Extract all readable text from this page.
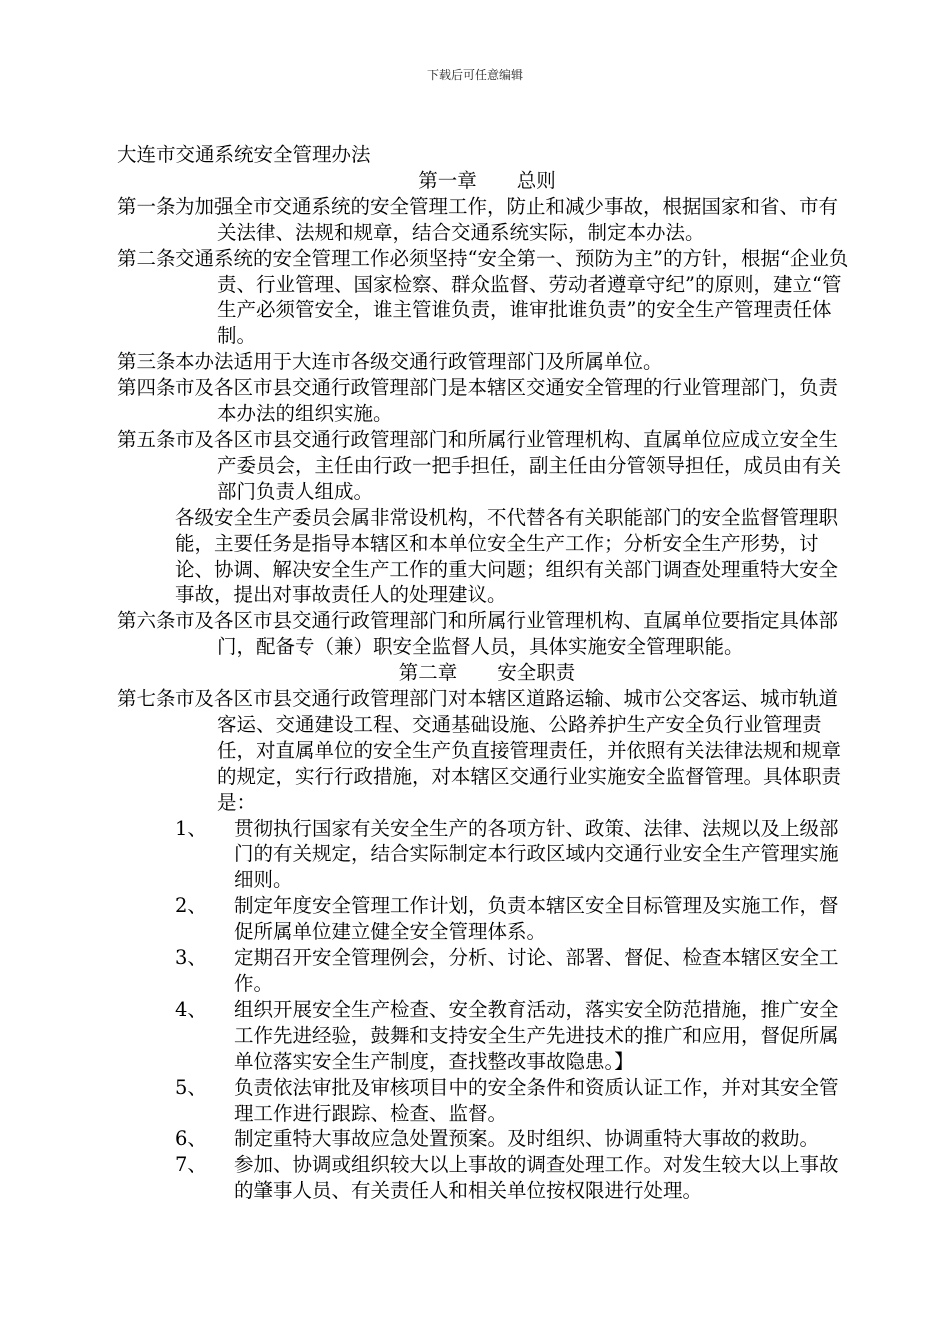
下载后可任意编辑
大连市交通系统安全管理办法
第一章 总则
第一条 为加强全市交通系统的安全管理工作，防止和减少事故，根据国家和省、市有关法律、法规和规章，结合交通系统实际，制定本办法。
第二条 交通系统的安全管理工作必须坚持“安全第一、预防为主”的方针，根据“企业负责、行业管理、国家检察、群众监督、劳动者遵章守纪”的原则，建立“管生产必须管安全，谁主管谁负责，谁审批谁负责”的安全生产管理责任体制。
第三条 本办法适用于大连市各级交通行政管理部门及所属单位。
第四条 市及各区市县交通行政管理部门是本辖区交通安全管理的行业管理部门，负责本办法的组织实施。
第五条 市及各区市县交通行政管理部门和所属行业管理机构、直属单位应成立安全生产委员会，主任由行政一把手担任，副主任由分管领导担任，成员由有关部门负责人组成。
各级安全生产委员会属非常设机构，不代替各有关职能部门的安全监督管理职能，主要任务是指导本辖区和本单位安全生产工作；分析安全生产形势，讨论、协调、解决安全生产工作的重大问题；组织有关部门调查处理重特大安全事故，提出对事故责任人的处理建议。
第六条 市及各区市县交通行政管理部门和所属行业管理机构、直属单位要指定具体部门，配备专（兼）职安全监督人员，具体实施安全管理职能。
第二章 安全职责
第七条 市及各区市县交通行政管理部门对本辖区道路运输、城市公交客运、城市轨道客运、交通建设工程、交通基础设施、公路养护生产安全负行业管理责任，对直属单位的安全生产负直接管理责任，并依照有关法律法规和规章的规定，实行行政措施，对本辖区交通行业实施安全监督管理。具体职责是：
1、 贯彻执行国家有关安全生产的各项方针、政策、法律、法规以及上级部门的有关规定，结合实际制定本行政区域内交通行业安全生产管理实施细则。
2、 制定年度安全管理工作计划，负责本辖区安全目标管理及实施工作，督促所属单位建立健全安全管理体系。
3、 定期召开安全管理例会，分析、讨论、部署、督促、检查本辖区安全工作。
4、 组织开展安全生产检查、安全教育活动，落实安全防范措施，推广安全工作先进经验，鼓舞和支持安全生产先进技术的推广和应用，督促所属单位落实安全生产制度，查找整改事故隐患。】
5、 负责依法审批及审核项目中的安全条件和资质认证工作，并对其安全管理工作进行跟踪、检查、监督。
6、 制定重特大事故应急处置预案。及时组织、协调重特大事故的救助。
7、 参加、协调或组织较大以上事故的调查处理工作。对发生较大以上事故的肇事人员、有关责任人和相关单位按权限进行处理。
